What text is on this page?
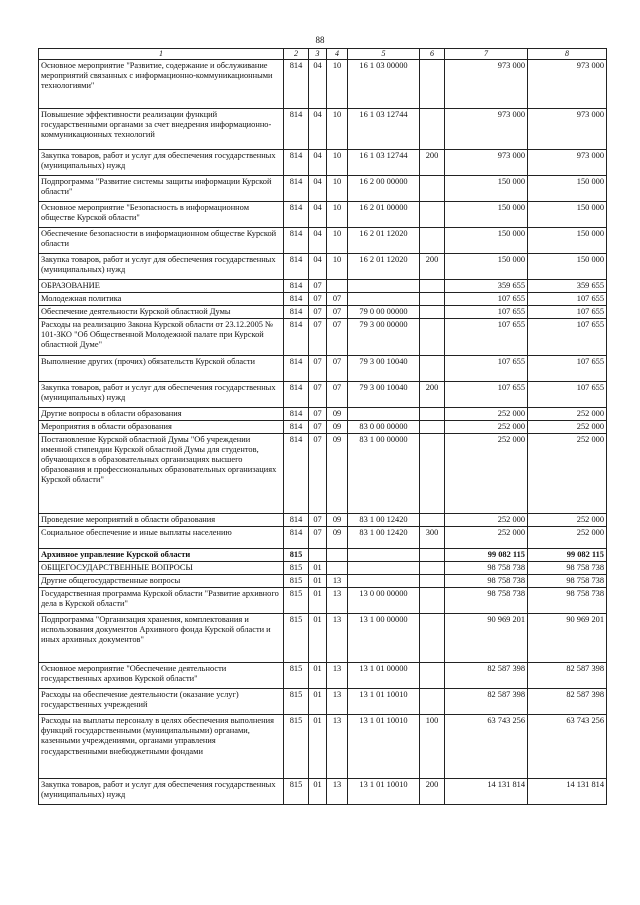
88
1	2	3	4	5	6	7	8
Основное мероприятие "Развитие, содержание и обслуживание мероприятий связанных с информационно-коммуникационными технологиями"	814	04	10	16 1 03 00000		973 000	973 000
Повышение эффективности реализации функций государственными органами за счет внедрения информационно-коммуникационных технологий	814	04	10	16 1 03 12744		973 000	973 000
Закупка товаров, работ и услуг для обеспечения государственных (муниципальных) нужд	814	04	10	16 1 03 12744	200	973 000	973 000
Подпрограмма "Развитие системы защиты информации Курской области"	814	04	10	16 2 00 00000		150 000	150 000
Основное мероприятие "Безопасность в информационном обществе Курской области"	814	04	10	16 2 01 00000		150 000	150 000
Обеспечение безопасности в информационном обществе Курской области	814	04	10	16 2 01 12020		150 000	150 000
Закупка товаров, работ и услуг для обеспечения государственных (муниципальных) нужд	814	04	10	16 2 01 12020	200	150 000	150 000
ОБРАЗОВАНИЕ	814	07				359 655	359 655
Молодежная политика	814	07	07			107 655	107 655
Обеспечение деятельности Курской областной Думы	814	07	07	79 0 00 00000		107 655	107 655
Расходы на реализацию Закона Курской области от 23.12.2005 № 101-ЗКО "Об Общественной Молодежной палате при Курской областной Думе"	814	07	07	79 3 00 00000		107 655	107 655
Выполнение других (прочих) обязательств Курской области	814	07	07	79 3 00 10040		107 655	107 655
Закупка товаров, работ и услуг для обеспечения государственных (муниципальных) нужд	814	07	07	79 3 00 10040	200	107 655	107 655
Другие вопросы в области образования	814	07	09			252 000	252 000
Мероприятия в области образования	814	07	09	83 0 00 00000		252 000	252 000
Постановление Курской областной Думы "Об учреждении именной стипендии Курской областной Думы для студентов, обучающихся в образовательных организациях высшего образования и профессиональных образовательных организациях Курской области"	814	07	09	83 1 00 00000		252 000	252 000
Проведение мероприятий в области образования	814	07	09	83 1 00 12420		252 000	252 000
Социальное обеспечение и иные выплаты населению	814	07	09	83 1 00 12420	300	252 000	252 000
Архивное управление Курской области	815					99 082 115	99 082 115
ОБЩЕГОСУДАРСТВЕННЫЕ ВОПРОСЫ	815	01				98 758 738	98 758 738
Другие общегосударственные вопросы	815	01	13			98 758 738	98 758 738
Государственная программа Курской области "Развитие архивного дела в Курской области"	815	01	13	13 0 00 00000		98 758 738	98 758 738
Подпрограмма "Организация хранения, комплектования и использования документов Архивного фонда Курской области и иных архивных документов"	815	01	13	13 1 00 00000		90 969 201	90 969 201
Основное мероприятие "Обеспечение деятельности государственных архивов Курской области"	815	01	13	13 1 01 00000		82 587 398	82 587 398
Расходы на обеспечение деятельности (оказание услуг) государственных учреждений	815	01	13	13 1 01 10010		82 587 398	82 587 398
Расходы на выплаты персоналу в целях обеспечения выполнения функций государственными (муниципальными) органами, казенными учреждениями, органами управления государственными внебюджетными фондами	815	01	13	13 1 01 10010	100	63 743 256	63 743 256
Закупка товаров, работ и услуг для обеспечения государственных (муниципальных) нужд	815	01	13	13 1 01 10010	200	14 131 814	14 131 814
